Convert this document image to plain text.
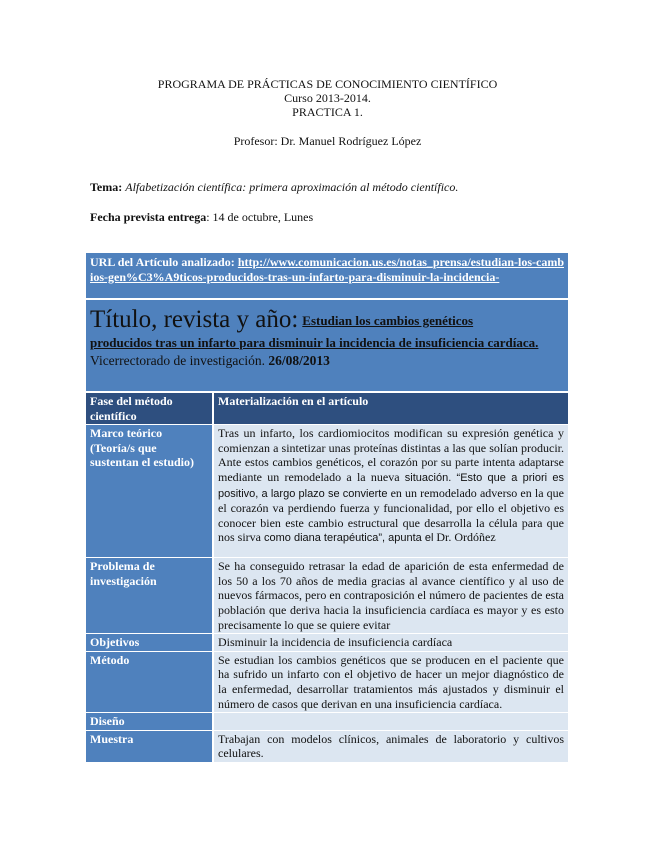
PROGRAMA DE PRÁCTICAS DE CONOCIMIENTO CIENTÍFICO
Curso 2013-2014.
PRACTICA 1.
Profesor: Dr. Manuel Rodríguez López
Tema: Alfabetización científica: primera aproximación al método científico.
Fecha prevista entrega: 14 de octubre, Lunes
URL del Artículo analizado: http://www.comunicacion.us.es/notas_prensa/estudian-los-cambios-gen%C3%A9ticos-producidos-tras-un-infarto-para-disminuir-la-incidencia-
Título, revista y año: Estudian los cambios genéticos
producidos tras un infarto para disminuir la incidencia de insuficiencia cardíaca. Vicerrectorado de investigación. 26/08/2013
Fase del método científico	Materialización en el artículo
Marco teórico (Teoría/s que sustentan el estudio)	Tras un infarto, los cardiomiocitos modifican su expresión genética y comienzan a sintetizar unas proteínas distintas a las que solían producir. Ante estos cambios genéticos, el corazón por su parte intenta adaptarse mediante un remodelado a la nueva situación. “Esto que a priori es positivo, a largo plazo se convierte en un remodelado adverso en la que el corazón va perdiendo fuerza y funcionalidad, por ello el objetivo es conocer bien este cambio estructural que desarrolla la célula para que nos sirva como diana terapéutica”, apunta el Dr. Ordóñez
Problema de investigación	Se ha conseguido retrasar la edad de aparición de esta enfermedad de los 50 a los 70 años de media gracias al avance científico y al uso de nuevos fármacos, pero en contraposición el número de pacientes de esta población que deriva hacia la insuficiencia cardíaca es mayor y es esto precisamente lo que se quiere evitar
Objetivos	Disminuir la incidencia de insuficiencia cardíaca
Método	Se estudian los cambios genéticos que se producen en el paciente que ha sufrido un infarto con el objetivo de hacer un mejor diagnóstico de la enfermedad, desarrollar tratamientos más ajustados y disminuir el número de casos que derivan en una insuficiencia cardíaca.
Diseño	
Muestra	Trabajan con modelos clínicos, animales de laboratorio y cultivos celulares.
